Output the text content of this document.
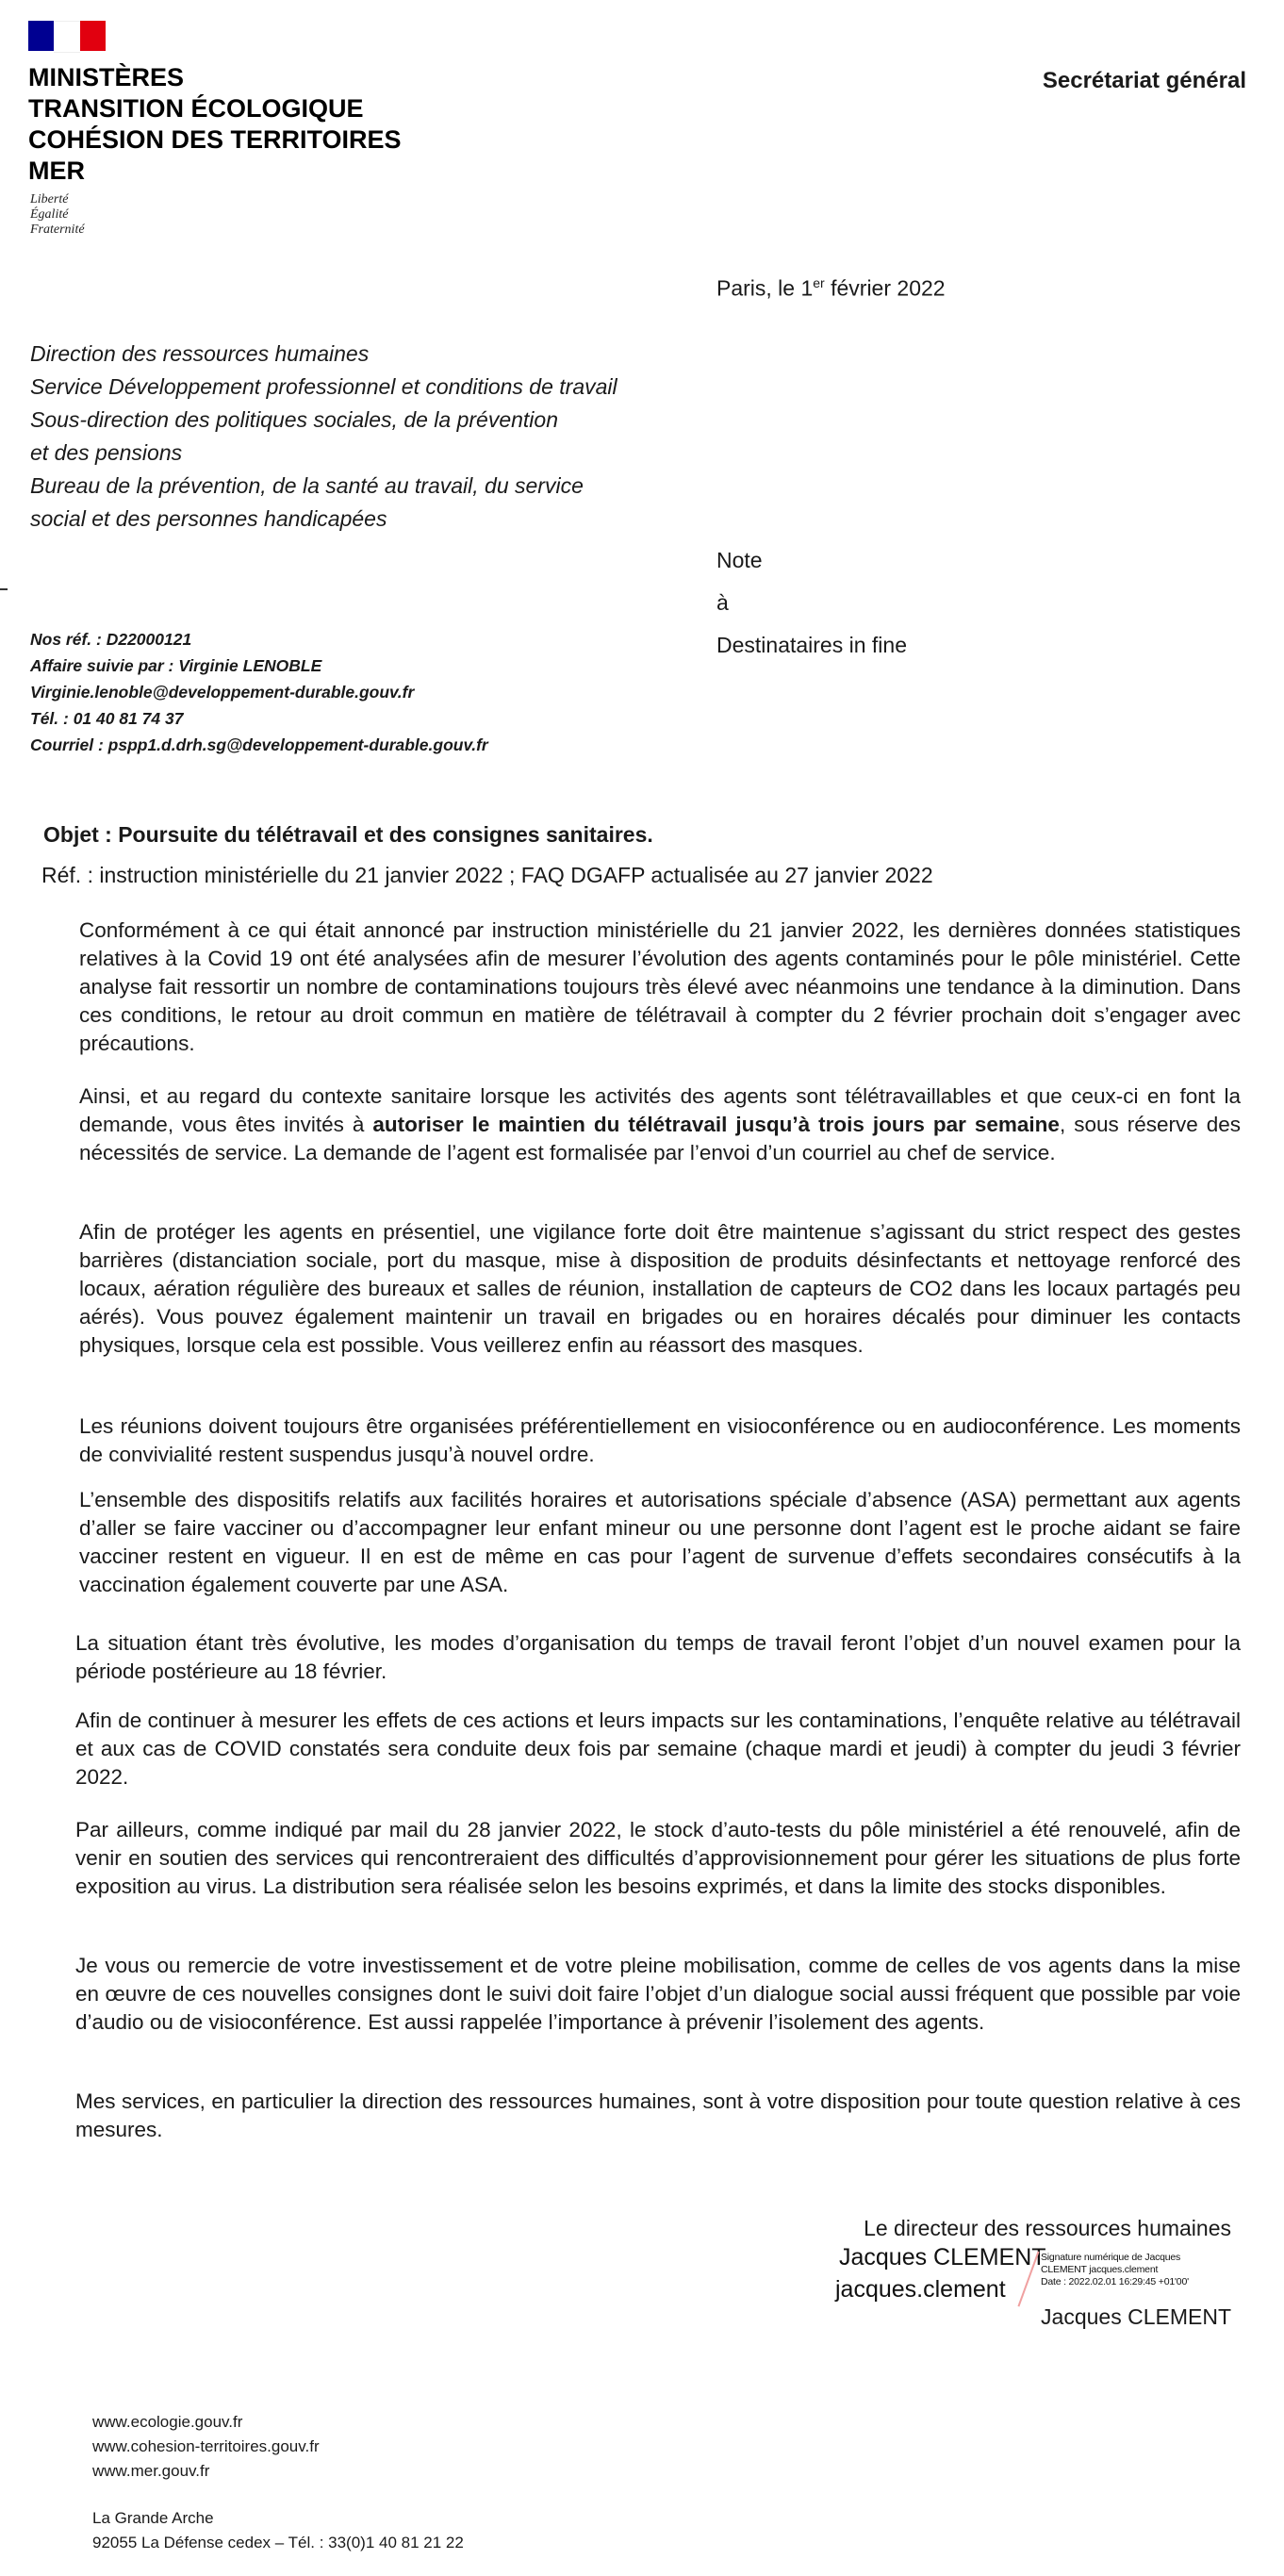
MINISTÈRES
TRANSITION ÉCOLOGIQUE
COHÉSION DES TERRITOIRES
MER
Liberté
Égalité
Fraternité
Secrétariat général
Paris, le 1er février 2022
Direction des ressources humaines
Service Développement professionnel et conditions de travail
Sous-direction des politiques sociales, de la prévention
et des pensions
Bureau de la prévention, de la santé au travail, du service
social et des personnes handicapées
Note
à
Destinataires in fine
Nos réf. : D22000121
Affaire suivie par : Virginie LENOBLE
Virginie.lenoble@developpement-durable.gouv.fr
Tél. : 01 40 81 74 37
Courriel : pspp1.d.drh.sg@developpement-durable.gouv.fr
Objet : Poursuite du télétravail et des consignes sanitaires.
Réf. : instruction ministérielle du 21 janvier 2022 ; FAQ DGAFP actualisée au 27 janvier 2022
Conformément à ce qui était annoncé par instruction ministérielle du 21 janvier 2022, les dernières données statistiques relatives à la Covid 19 ont été analysées afin de mesurer l’évolution des agents contaminés pour le pôle ministériel. Cette analyse fait ressortir un nombre de contaminations toujours très élevé avec néanmoins une tendance à la diminution. Dans ces conditions, le retour au droit commun en matière de télétravail à compter du 2 février prochain doit s’engager avec précautions.
Ainsi, et au regard du contexte sanitaire lorsque les activités des agents sont télétravaillables et que ceux-ci en font la demande, vous êtes invités à autoriser le maintien du télétravail jusqu’à trois jours par semaine, sous réserve des nécessités de service. La demande de l’agent est formalisée par l’envoi d’un courriel au chef de service.
Afin de protéger les agents en présentiel, une vigilance forte doit être maintenue s’agissant du strict respect des gestes barrières (distanciation sociale, port du masque, mise à disposition de produits désinfectants et nettoyage renforcé des locaux, aération régulière des bureaux et salles de réunion, installation de capteurs de CO2 dans les locaux partagés peu aérés). Vous pouvez également maintenir un travail en brigades ou en horaires décalés pour diminuer les contacts physiques, lorsque cela est possible. Vous veillerez enfin au réassort des masques.
Les réunions doivent toujours être organisées préférentiellement en visioconférence ou en audioconférence. Les moments de convivialité restent suspendus jusqu’à nouvel ordre.
L’ensemble des dispositifs relatifs aux facilités horaires et autorisations spéciale d’absence (ASA) permettant aux agents d’aller se faire vacciner ou d’accompagner leur enfant mineur ou une personne dont l’agent est le proche aidant se faire vacciner restent en vigueur. Il en est de même en cas pour l’agent de survenue d’effets secondaires consécutifs à la vaccination également couverte par une ASA.
La situation étant très évolutive, les modes d’organisation du temps de travail feront l’objet d’un nouvel examen pour la période postérieure au 18 février.
Afin de continuer à mesurer les effets de ces actions et leurs impacts sur les contaminations, l’enquête relative au télétravail et aux cas de COVID constatés sera conduite deux fois par semaine (chaque mardi et jeudi) à compter du jeudi 3 février 2022.
Par ailleurs, comme indiqué par mail du 28 janvier 2022, le stock d’auto-tests du pôle ministériel a été renouvelé, afin de venir en soutien des services qui rencontreraient des difficultés d’approvisionnement pour gérer les situations de plus forte exposition au virus. La distribution sera réalisée selon les besoins exprimés, et dans la limite des stocks disponibles.
Je vous ou remercie de votre investissement et de votre pleine mobilisation, comme de celles de vos agents dans la mise en œuvre de ces nouvelles consignes dont le suivi doit faire l’objet d’un dialogue social aussi fréquent que possible par voie d’audio ou de visioconférence. Est aussi rappelée l’importance à prévenir l’isolement des agents.
Mes services, en particulier la direction des ressources humaines, sont à votre disposition pour toute question relative à ces mesures.
Le directeur des ressources humaines
Jacques CLEMENT
jacques.clement
Signature numérique de Jacques
CLEMENT jacques.clement
Date : 2022.02.01 16:29:45 +01'00'
Jacques CLEMENT
www.ecologie.gouv.fr
www.cohesion-territoires.gouv.fr
www.mer.gouv.fr
La Grande Arche
92055 La Défense cedex – Tél. : 33(0)1 40 81 21 22
